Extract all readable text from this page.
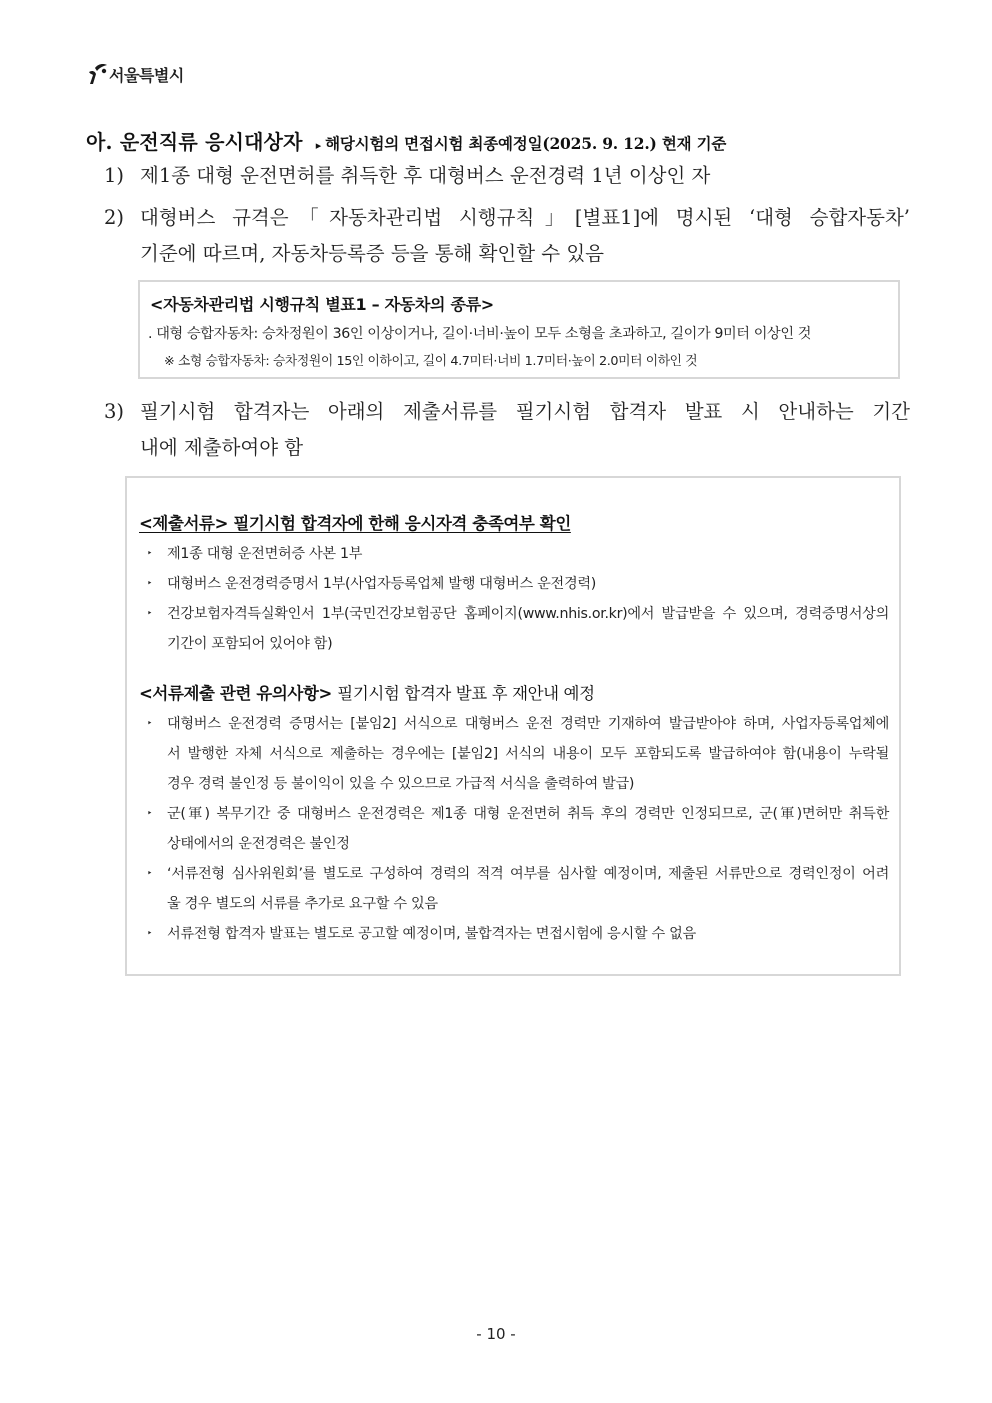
서울특별시
아. 운전직류 응시대상자 ▸ 해당시험의 면접시험 최종예정일(2025. 9. 12.) 현재 기준
1) 제1종 대형 운전면허를 취득한 후 대형버스 운전경력 1년 이상인 자
2) 대형버스 규격은「자동차관리법 시행규칙」[별표1]에 명시된 ‘대형 승합자동차’
기준에 따르며, 자동차등록증 등을 통해 확인할 수 있음
<자동차관리법 시행규칙 별표1 – 자동차의 종류>
. 대형 승합자동차: 승차정원이 36인 이상이거나, 길이·너비·높이 모두 소형을 초과하고, 길이가 9미터 이상인 것
※ 소형 승합자동차: 승차정원이 15인 이하이고, 길이 4.7미터·너비 1.7미터·높이 2.0미터 이하인 것
3) 필기시험 합격자는 아래의 제출서류를 필기시험 합격자 발표 시 안내하는 기간
내에 제출하여야 함
<제출서류> 필기시험 합격자에 한해 응시자격 충족여부 확인
‣ 제1종 대형 운전면허증 사본 1부
‣ 대형버스 운전경력증명서 1부(사업자등록업체 발행 대형버스 운전경력)
‣ 건강보험자격득실확인서 1부(국민건강보험공단 홈페이지(www.nhis.or.kr)에서 발급받을 수 있으며, 경력증명서상의
기간이 포함되어 있어야 함)
<서류제출 관련 유의사항> 필기시험 합격자 발표 후 재안내 예정
‣ 대형버스 운전경력 증명서는 [붙임2] 서식으로 대형버스 운전 경력만 기재하여 발급받아야 하며, 사업자등록업체에
서 발행한 자체 서식으로 제출하는 경우에는 [붙임2] 서식의 내용이 모두 포함되도록 발급하여야 함(내용이 누락될
경우 경력 불인정 등 불이익이 있을 수 있으므로 가급적 서식을 출력하여 발급)
‣ 군(軍) 복무기간 중 대형버스 운전경력은 제1종 대형 운전면허 취득 후의 경력만 인정되므로, 군(軍)면허만 취득한
상태에서의 운전경력은 불인정
‣ ‘서류전형 심사위원회’를 별도로 구성하여 경력의 적격 여부를 심사할 예정이며, 제출된 서류만으로 경력인정이 어려
울 경우 별도의 서류를 추가로 요구할 수 있음
‣ 서류전형 합격자 발표는 별도로 공고할 예정이며, 불합격자는 면접시험에 응시할 수 없음
- 10 -
